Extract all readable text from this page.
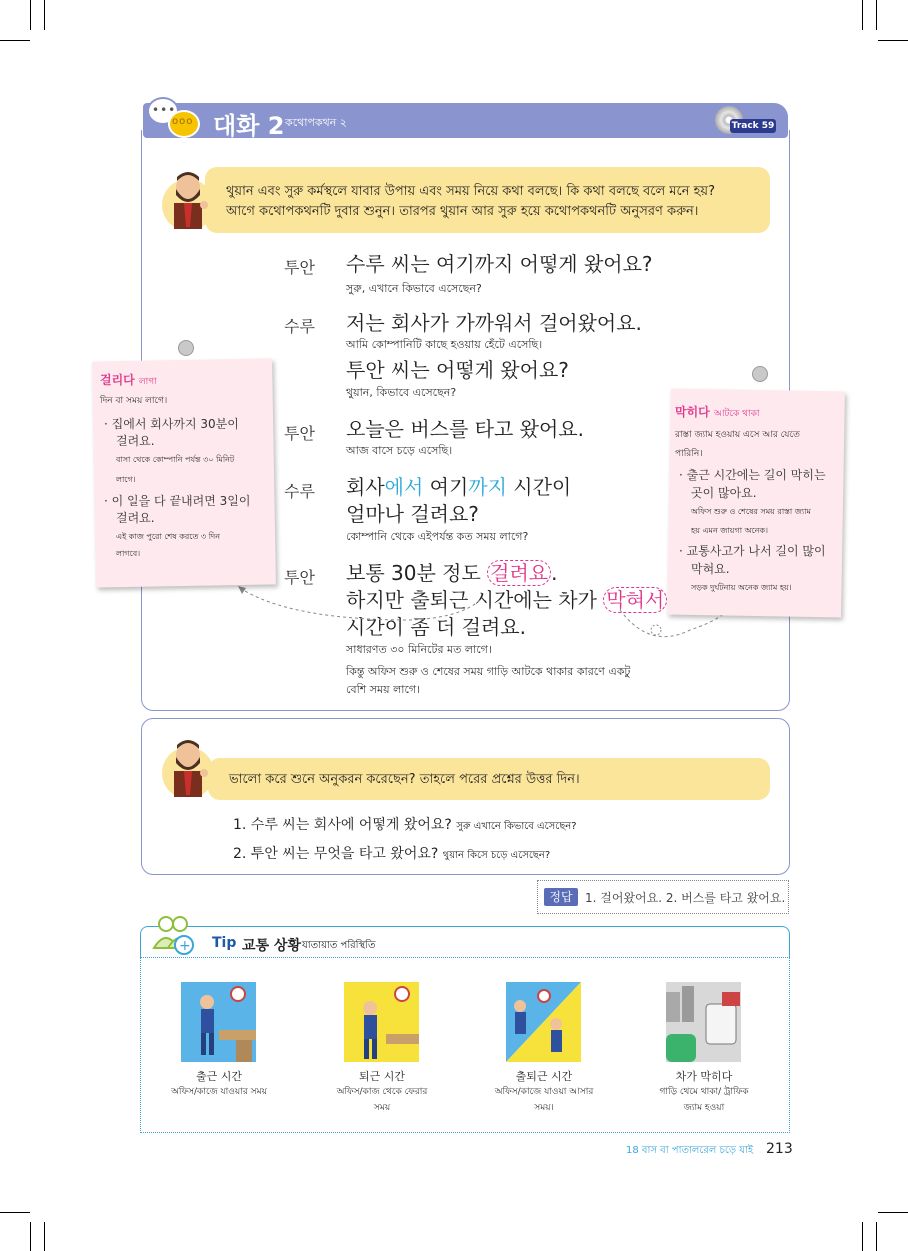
•••
ooo 대화 2 কথোপকথন ২	Track 59
থুয়ান এবং সুরু কর্মস্থলে যাবার উপায় এবং সময় নিয়ে কথা বলছে। কি কথা বলছে বলে মনে হয়?
আগে কথোপকথনটি দুবার শুনুন। তারপর থুয়ান আর সুরু হয়ে কথোপকথনটি অনুসরণ করুন।
투안 수루 씨는 여기까지 어떻게 왔어요?
সুরু, এখানে কিভাবে এসেছেন?
수루 저는 회사가 가까워서 걸어왔어요.
আমি কোম্পানিটি কাছে হওয়ায় হেঁটে এসেছি।
투안 씨는 어떻게 왔어요?
থুয়ান, কিভাবে এসেছেন?
투안 오늘은 버스를 타고 왔어요.
আজ বাসে চড়ে এসেছি।
수루 회사에서 여기까지 시간이
얼마나 걸려요?
কোম্পানি থেকে এইপর্যন্ত কত সময় লাগে?
투안 보통 30분 정도 걸려요 .
하지만 출퇴근 시간에는 차가 막혀서
시간이 좀 더 걸려요.
সাধারণত ৩০ মিনিটের মত লাগে।
কিন্তু অফিস শুরু ও শেষের সময় গাড়ি আটকে থাকার কারণে একটু
বেশি সময় লাগে।
걸리다 লাগা
দিন বা সময় লাগে।
· 집에서 회사까지 30분이
걸려요.
বাসা থেকে কোম্পানি পর্যন্ত ৩০ মিনিট
লাগে।
· 이 일을 다 끝내려면 3일이
걸려요.
এই কাজ পুরো শেষ করতে ৩ দিন
লাগবে।
막히다 আটকে থাকা
রাস্তা জ্যাম হওয়ায় এসে আর যেতে
পারিনি।
· 출근 시간에는 길이 막히는
곳이 많아요.
অফিস শুরু ও শেষের সময় রাস্তা জ্যাম
হয় এমন জায়গা অনেক।
· 교통사고가 나서 길이 많이
막혀요.
সড়ক দুর্ঘটনায় অনেক জ্যাম হয়।
ভালো করে শুনে অনুকরন করেছেন? তাহলে পরের প্রশ্নের উত্তর দিন।
1. 수루 씨는 회사에 어떻게 왔어요? সুরু এখানে কিভাবে এসেছেন?
2. 투안 씨는 무엇을 타고 왔어요? থুয়ান কিসে চড়ে এসেছেন?
정답	1. 걸어왔어요. 2. 버스를 타고 왔어요.
+ Tip 교통 상황 যাতায়াত পরিস্থিতি
출근 시간
অফিস/কাজে যাওয়ার সময়
퇴근 시간
অফিস/কাজ থেকে ফেরার
সময়
출퇴근 시간
অফিস/কাজে যাওয়া আসার
সময়।
차가 막히다
গাড়ি থেমে থাকা/ ট্রাফিক
জ্যাম হওয়া
18 বাস বা পাতালরেল চড়ে যাই 213
